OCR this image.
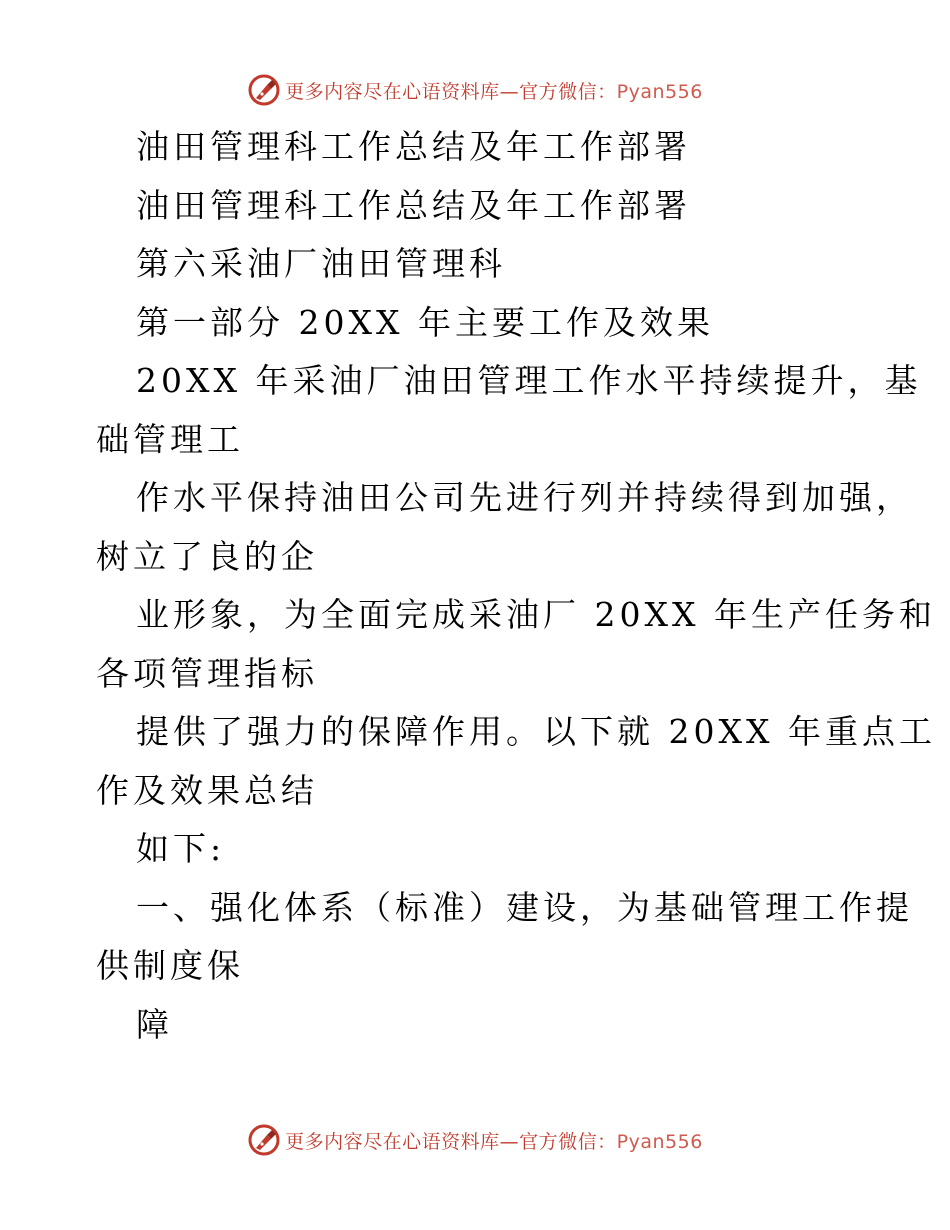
更多内容尽在心语资料库—官方微信：Pyan556
油田管理科工作总结及年工作部署
油田管理科工作总结及年工作部署
第六采油厂油田管理科
第一部分 20XX 年主要工作及效果
20XX 年采油厂油田管理工作水平持续提升，基
础管理工
作水平保持油田公司先进行列并持续得到加强，
树立了良的企
业形象，为全面完成采油厂 20XX 年生产任务和
各项管理指标
提供了强力的保障作用。以下就 20XX 年重点工
作及效果总结
如下:
一、强化体系（标准）建设，为基础管理工作提
供制度保
障
更多内容尽在心语资料库—官方微信：Pyan556
